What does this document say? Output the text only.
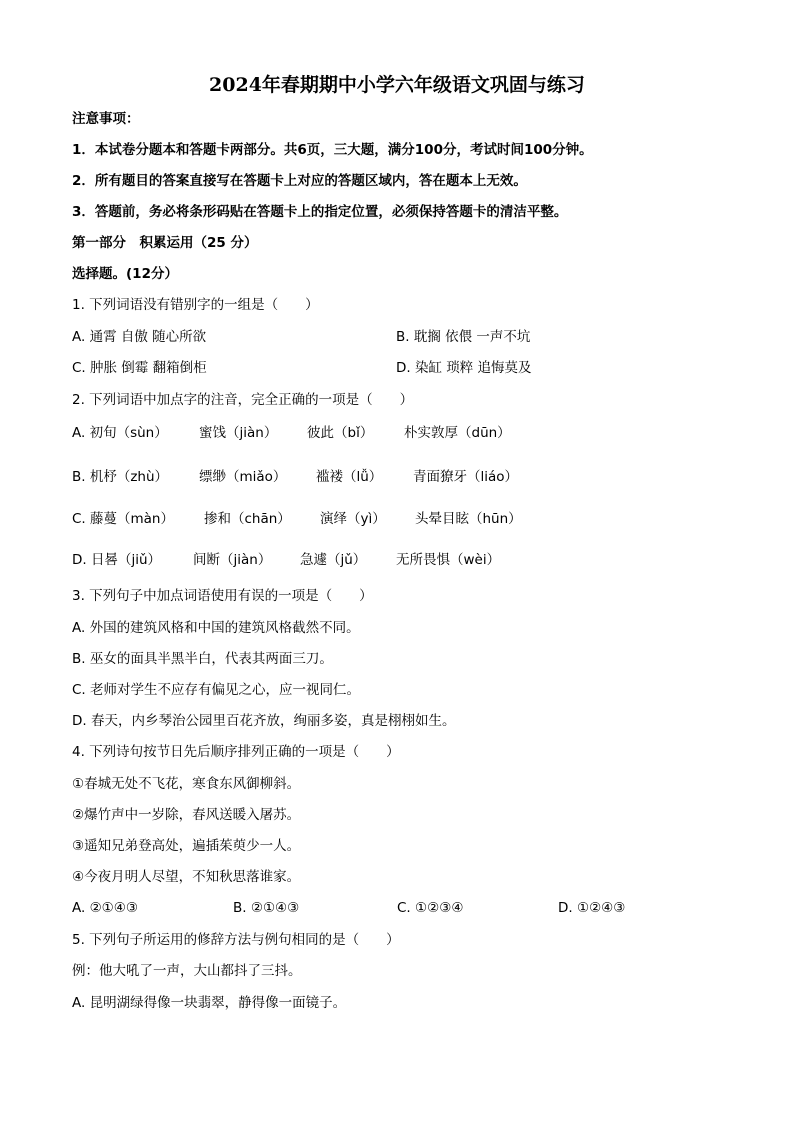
2024年春期期中小学六年级语文巩固与练习
注意事项：
1．本试卷分题本和答题卡两部分。共6页，三大题，满分100分，考试时间100分钟。
2．所有题目的答案直接写在答题卡上对应的答题区域内，答在题本上无效。
3．答题前，务必将条形码贴在答题卡上的指定位置，必须保持答题卡的清洁平整。
第一部分　积累运用（25 分）
选择题。(12分）
1. 下列词语没有错别字的一组是（　　）
A. 通霄 自傲 随心所欲	B. 耽搁 依偎 一声不坑
C. 肿胀 倒霉 翻箱倒柜	D. 染缸 琐粹 追悔莫及
2. 下列词语中加点字的注音，完全正确的一项是（　　）
A. 初旬（sùn） 蜜饯（jiàn） 彼此（bǐ） 朴实敦厚（dūn）
B. 机杼（zhù） 缥缈（miǎo） 褴褛（lǚ） 青面獠牙（liáo）
C. 藤蔓（màn） 掺和（chān） 演绎（yì） 头晕目眩（hūn）
D. 日晷（jiǔ） 间断（jiàn） 急遽（jǔ） 无所畏惧（wèi）
3. 下列句子中加点词语使用有误的一项是（　　）
A. 外国的建筑风格和中国的建筑风格截然不同。
B. 巫女的面具半黑半白，代表其两面三刀。
C. 老师对学生不应存有偏见之心，应一视同仁。
D. 春天，内乡琴治公园里百花齐放，绚丽多姿，真是栩栩如生。
4. 下列诗句按节日先后顺序排列正确的一项是（　　）
①春城无处不飞花，寒食东风御柳斜。
②爆竹声中一岁除，春风送暖入屠苏。
③遥知兄弟登高处，遍插茱萸少一人。
④今夜月明人尽望，不知秋思落谁家。
A. ②①④③	B. ②①④③	C. ①②③④	D. ①②④③
5. 下列句子所运用的修辞方法与例句相同的是（　　）
例：他大吼了一声，大山都抖了三抖。
A. 昆明湖绿得像一块翡翠，静得像一面镜子。
